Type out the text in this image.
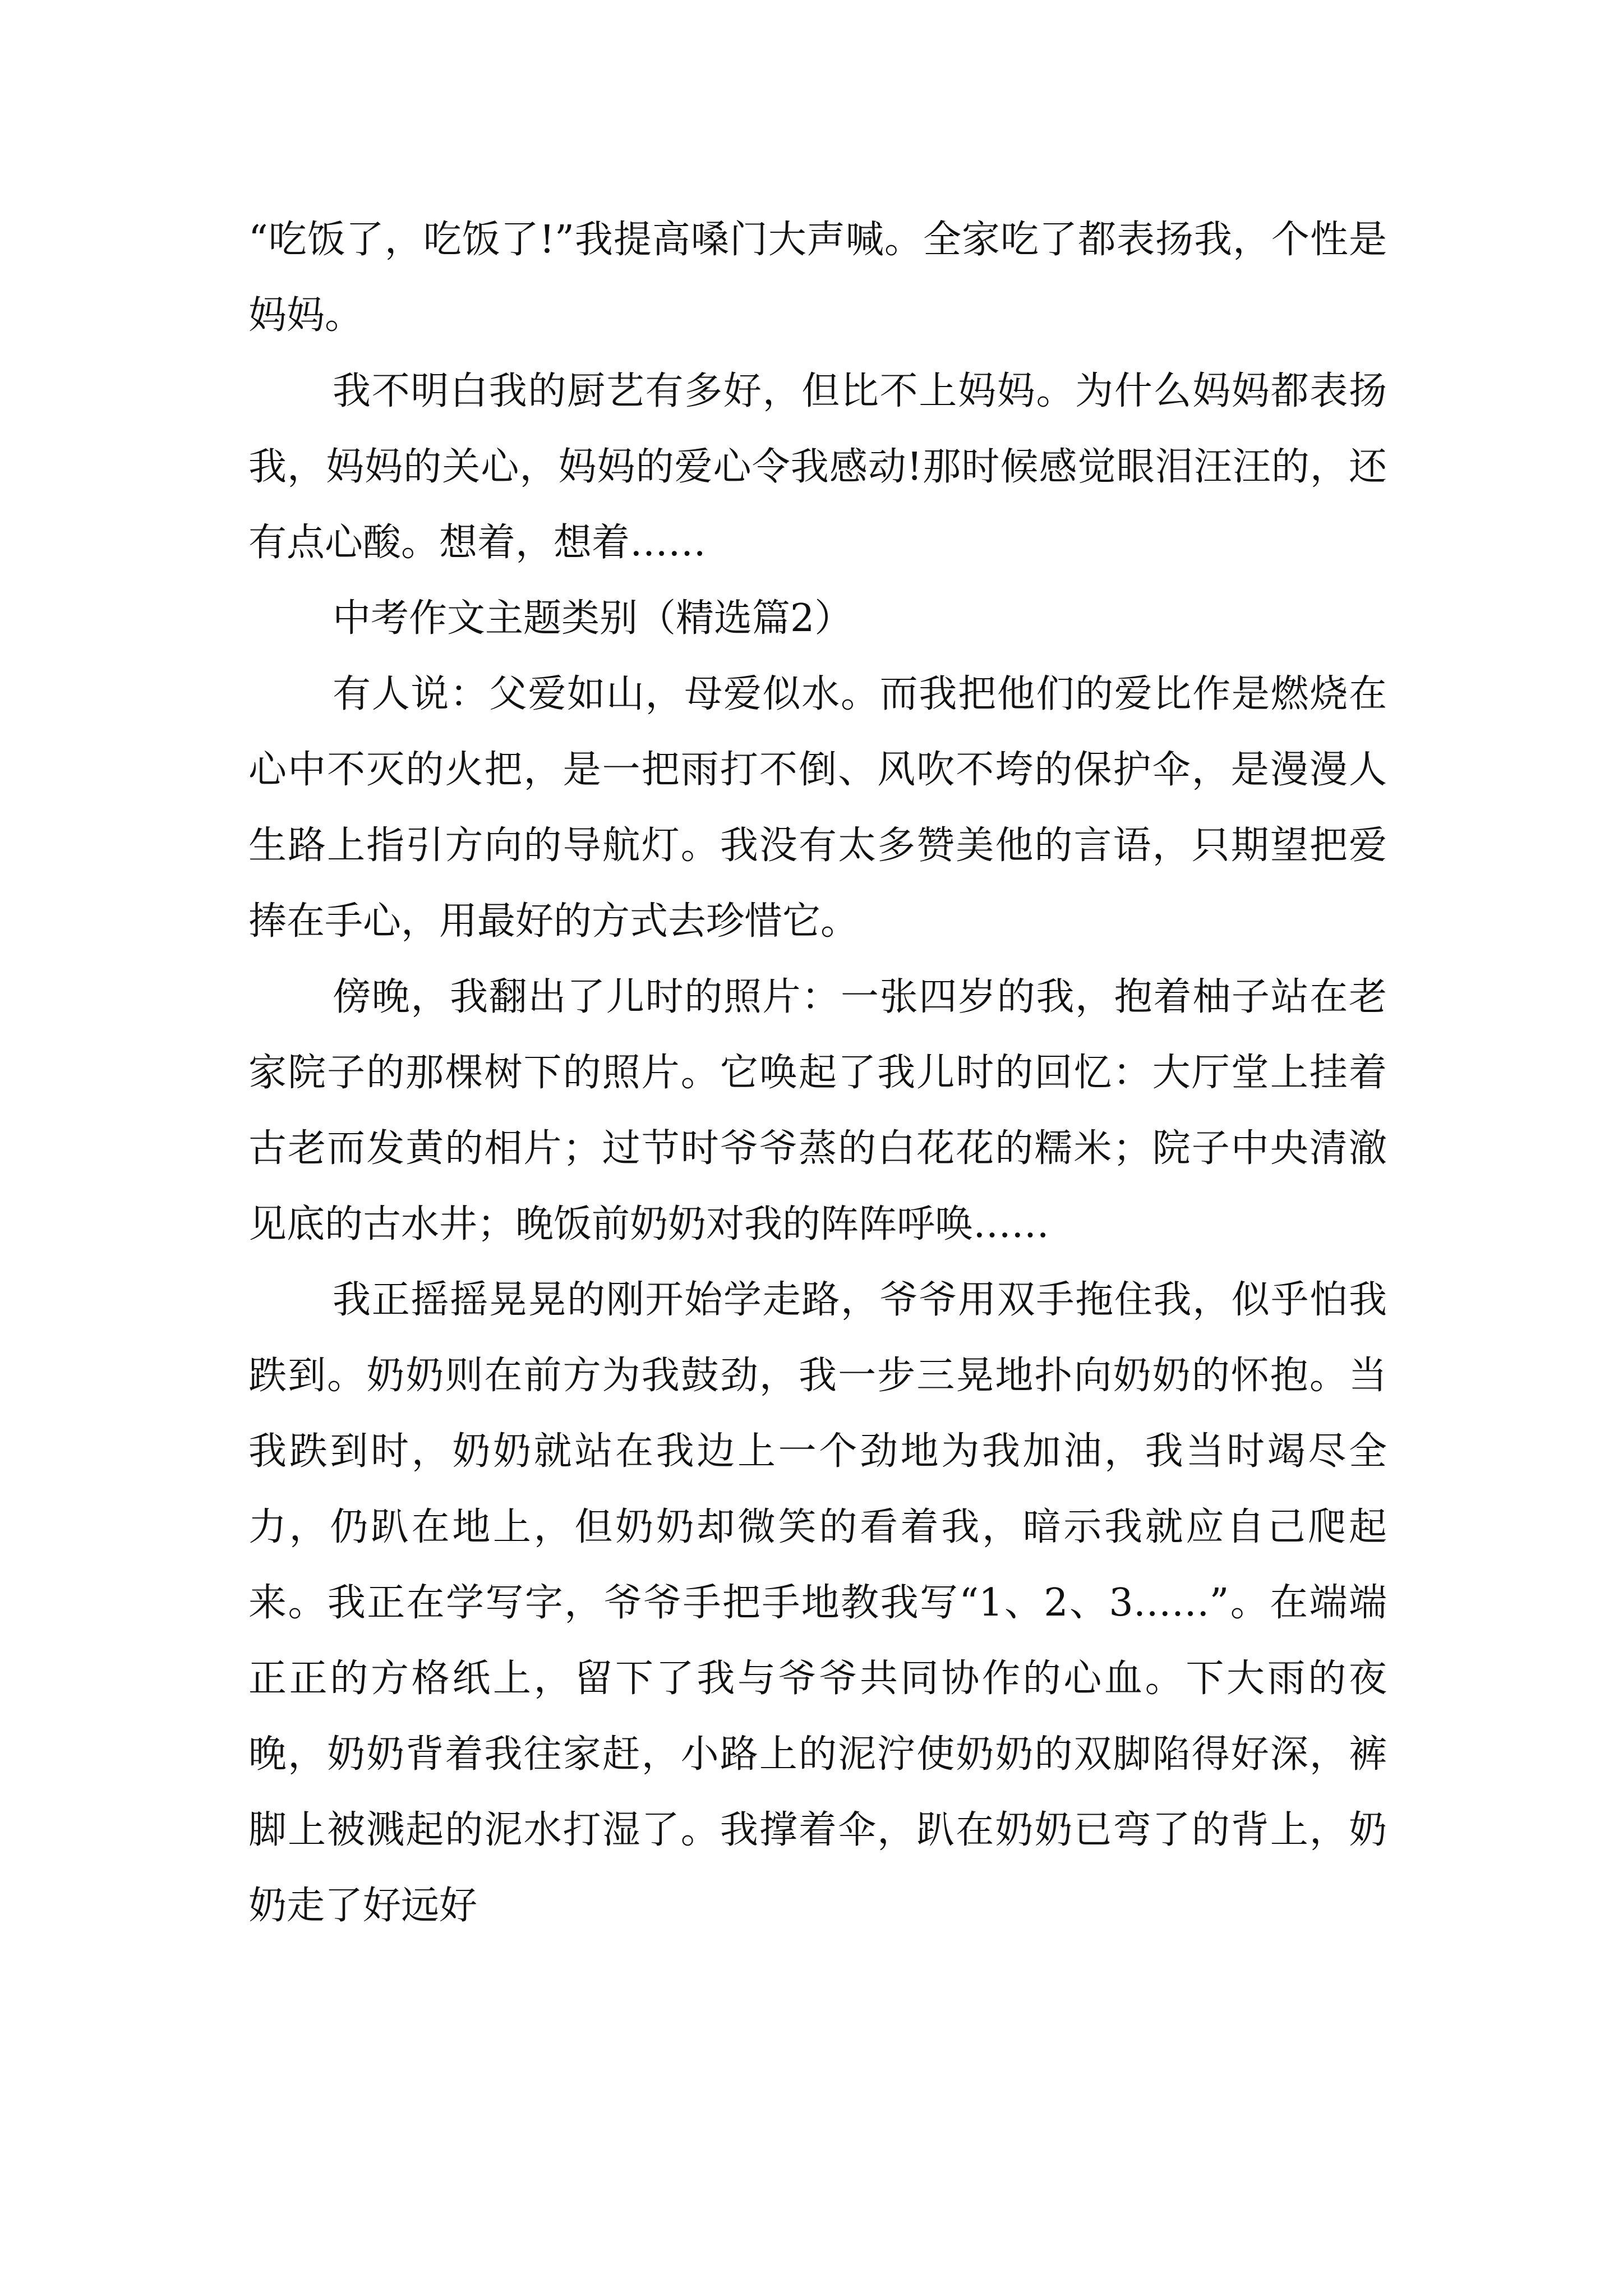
“吃饭了，吃饭了!”我提高嗓门大声喊。全家吃了都表扬我，个性是妈妈。

我不明白我的厨艺有多好，但比不上妈妈。为什么妈妈都表扬我，妈妈的关心，妈妈的爱心令我感动!那时候感觉眼泪汪汪的，还有点心酸。想着，想着……

中考作文主题类别（精选篇2）

有人说：父爱如山，母爱似水。而我把他们的爱比作是燃烧在心中不灭的火把，是一把雨打不倒、风吹不垮的保护伞，是漫漫人生路上指引方向的导航灯。我没有太多赞美他的言语，只期望把爱捧在手心，用最好的方式去珍惜它。

傍晚，我翻出了儿时的照片：一张四岁的我，抱着柚子站在老家院子的那棵树下的照片。它唤起了我儿时的回忆：大厅堂上挂着古老而发黄的相片；过节时爷爷蒸的白花花的糯米；院子中央清澈见底的古水井；晚饭前奶奶对我的阵阵呼唤……

我正摇摇晃晃的刚开始学走路，爷爷用双手拖住我，似乎怕我跌到。奶奶则在前方为我鼓劲，我一步三晃地扑向奶奶的怀抱。当我跌到时，奶奶就站在我边上一个劲地为我加油，我当时竭尽全力，仍趴在地上，但奶奶却微笑的看着我，暗示我就应自己爬起来。我正在学写字，爷爷手把手地教我写“1、2、3……”。在端端正正的方格纸上，留下了我与爷爷共同协作的心血。下大雨的夜晚，奶奶背着我往家赶，小路上的泥泞使奶奶的双脚陷得好深，裤脚上被溅起的泥水打湿了。我撑着伞，趴在奶奶已弯了的背上，奶奶走了好远好
